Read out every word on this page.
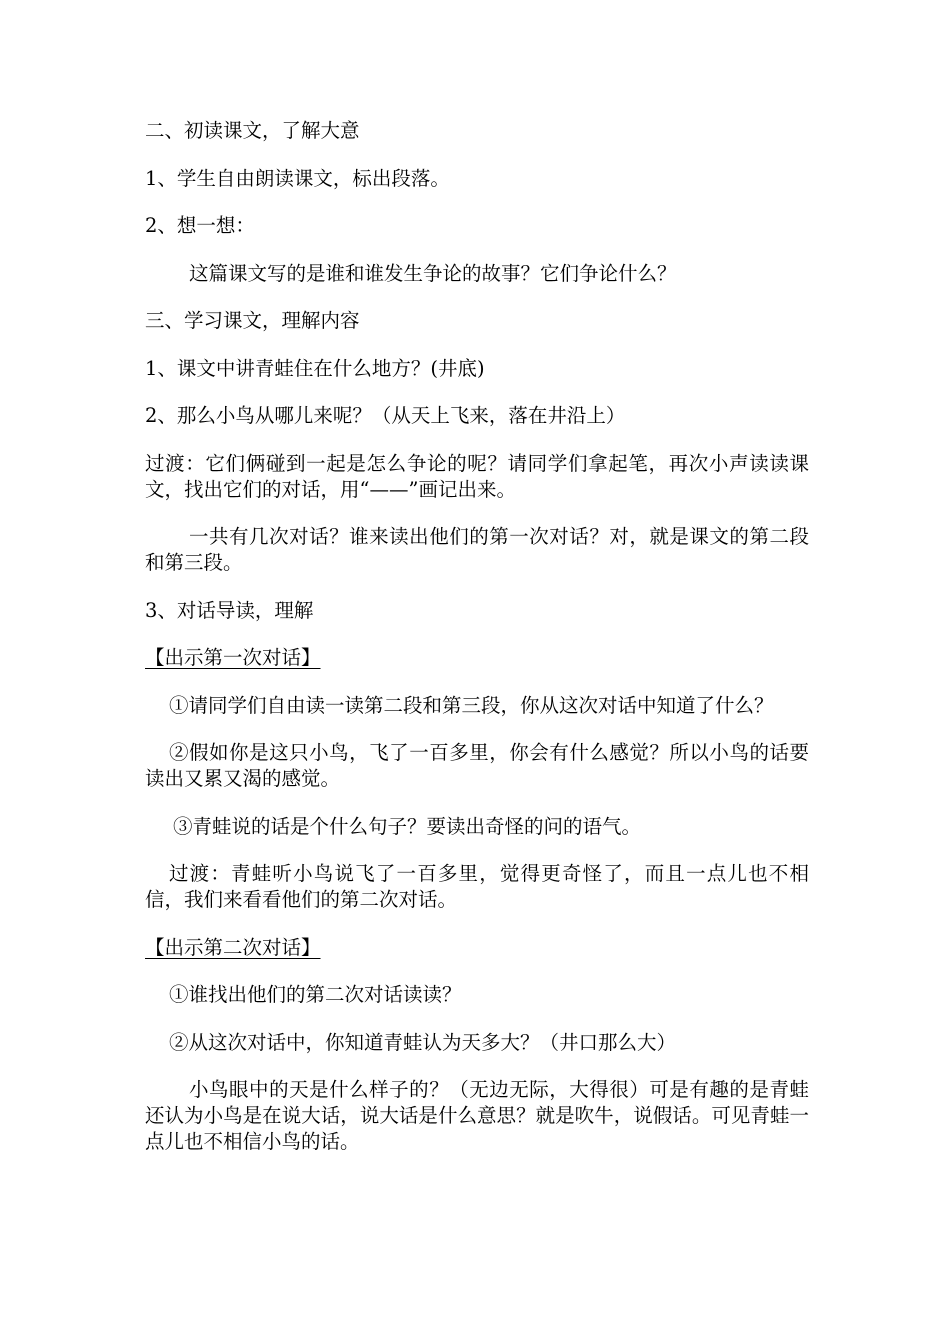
二、初读课文，了解大意

1、学生自由朗读课文，标出段落。

2、想一想：

这篇课文写的是谁和谁发生争论的故事？它们争论什么？

三、学习课文，理解内容

1、课文中讲青蛙住在什么地方？(井底)

2、那么小鸟从哪儿来呢？（从天上飞来，落在井沿上）

过渡：它们俩碰到一起是怎么争论的呢？请同学们拿起笔，再次小声读读课文，找出它们的对话，用“——”画记出来。

一共有几次对话？谁来读出他们的第一次对话？对，就是课文的第二段和第三段。

3、对话导读，理解

【出示第一次对话】

①请同学们自由读一读第二段和第三段，你从这次对话中知道了什么？

②假如你是这只小鸟，飞了一百多里，你会有什么感觉？所以小鸟的话要读出又累又渴的感觉。

③青蛙说的话是个什么句子？要读出奇怪的问的语气。

过渡：青蛙听小鸟说飞了一百多里，觉得更奇怪了，而且一点儿也不相信，我们来看看他们的第二次对话。

【出示第二次对话】

①谁找出他们的第二次对话读读？

②从这次对话中，你知道青蛙认为天多大？（井口那么大）

小鸟眼中的天是什么样子的？（无边无际，大得很）可是有趣的是青蛙还认为小鸟是在说大话，说大话是什么意思？就是吹牛，说假话。可见青蛙一点儿也不相信小鸟的话。
